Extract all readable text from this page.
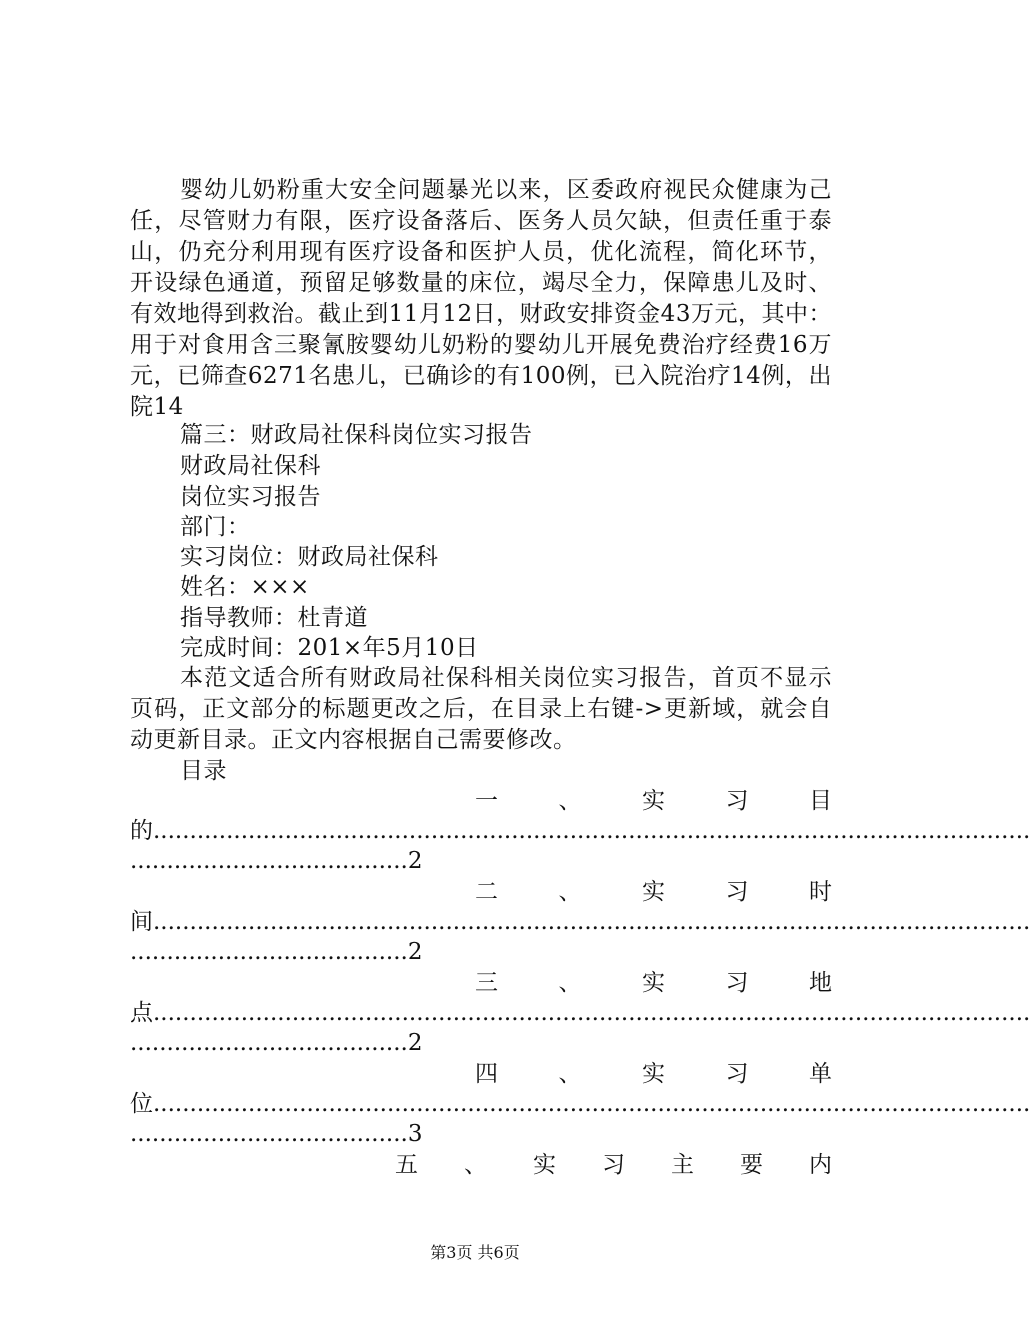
婴幼儿奶粉重大安全问题暴光以来，区委政府视民众健康为己任，尽管财力有限，医疗设备落后、医务人员欠缺，但责任重于泰山，仍充分利用现有医疗设备和医护人员，优化流程，简化环节，开设绿色通道，预留足够数量的床位，竭尽全力，保障患儿及时、有效地得到救治。截止到11月12日，财政安排资金43万元，其中：用于对食用含三聚氰胺婴幼儿奶粉的婴幼儿开展免费治疗经费16万元，已筛查6271名患儿，已确诊的有100例，已入院治疗14例，出院14
篇三：财政局社保科岗位实习报告
财政局社保科
岗位实习报告
部门：
实习岗位：财政局社保科
姓名：×××
指导教师：杜青道
完成时间：201×年5月10日
本范文适合所有财政局社保科相关岗位实习报告，首页不显示页码，正文部分的标题更改之后，在目录上右键->更新域，就会自动更新目录。正文内容根据自己需要修改。
目录
一	、	实	习	目
的........................................................................................................................
......................................2
二	、	实	习	时
间........................................................................................................................
......................................2
三	、	实	习	地
点........................................................................................................................
......................................2
四	、	实	习	单
位........................................................................................................................
......................................3
五 、 实 习 主 要 内
第3页 共6页
